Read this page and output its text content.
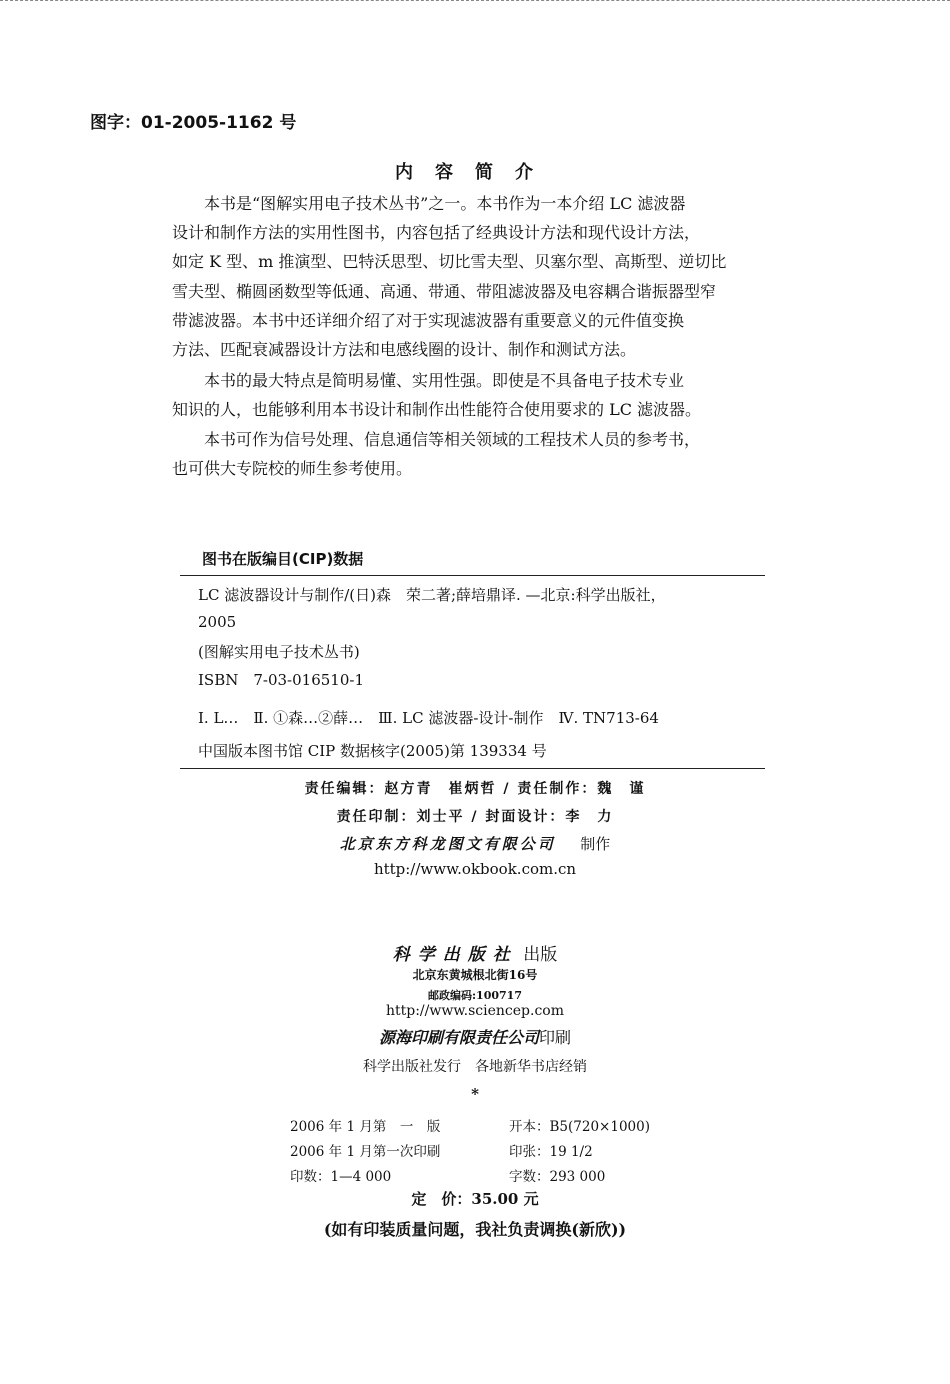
图字：01-2005-1162 号
内容简介

　　本书是“图解实用电子技术丛书”之一。本书作为一本介绍 LC 滤波器

设计和制作方法的实用性图书，内容包括了经典设计方法和现代设计方法，

如定 K 型、m 推演型、巴特沃思型、切比雪夫型、贝塞尔型、高斯型、逆切比

雪夫型、椭圆函数型等低通、高通、带通、带阻滤波器及电容耦合谐振器型窄

带滤波器。本书中还详细介绍了对于实现滤波器有重要意义的元件值变换

方法、匹配衰减器设计方法和电感线圈的设计、制作和测试方法。

　　本书的最大特点是简明易懂、实用性强。即使是不具备电子技术专业

知识的人，也能够利用本书设计和制作出性能符合使用要求的 LC 滤波器。

　　本书可作为信号处理、信息通信等相关领域的工程技术人员的参考书，

也可供大专院校的师生参考使用。

图书在版编目(CIP)数据
LC 滤波器设计与制作/(日)森　荣二著;薛培鼎译. —北京:科学出版社，
2005
(图解实用电子技术丛书)
ISBN　7-03-016510-1
Ⅰ. L…　Ⅱ. ①森…②薛…　Ⅲ. LC 滤波器-设计-制作　Ⅳ. TN713-64
中国版本图书馆 CIP 数据核字(2005)第 139334 号
责任编辑：赵方青　崔炳哲 / 责任制作：魏　谨
责任印制：刘士平 / 封面设计：李　力
北京东方科龙图文有限公司 　 制作
http://www.okbook.com.cn
科学出版社 出版
北京东黄城根北街16号
邮政编码:100717
http://www.sciencep.com
源海印刷有限责任公司印刷
科学出版社发行　各地新华书店经销
*
2006 年 1 月第　一　版	开本：B5(720×1000)
2006 年 1 月第一次印刷	印张：19 1/2
印数：1—4 000	字数：293 000
定　价：35.00 元
(如有印装质量问题，我社负责调换(新欣))
